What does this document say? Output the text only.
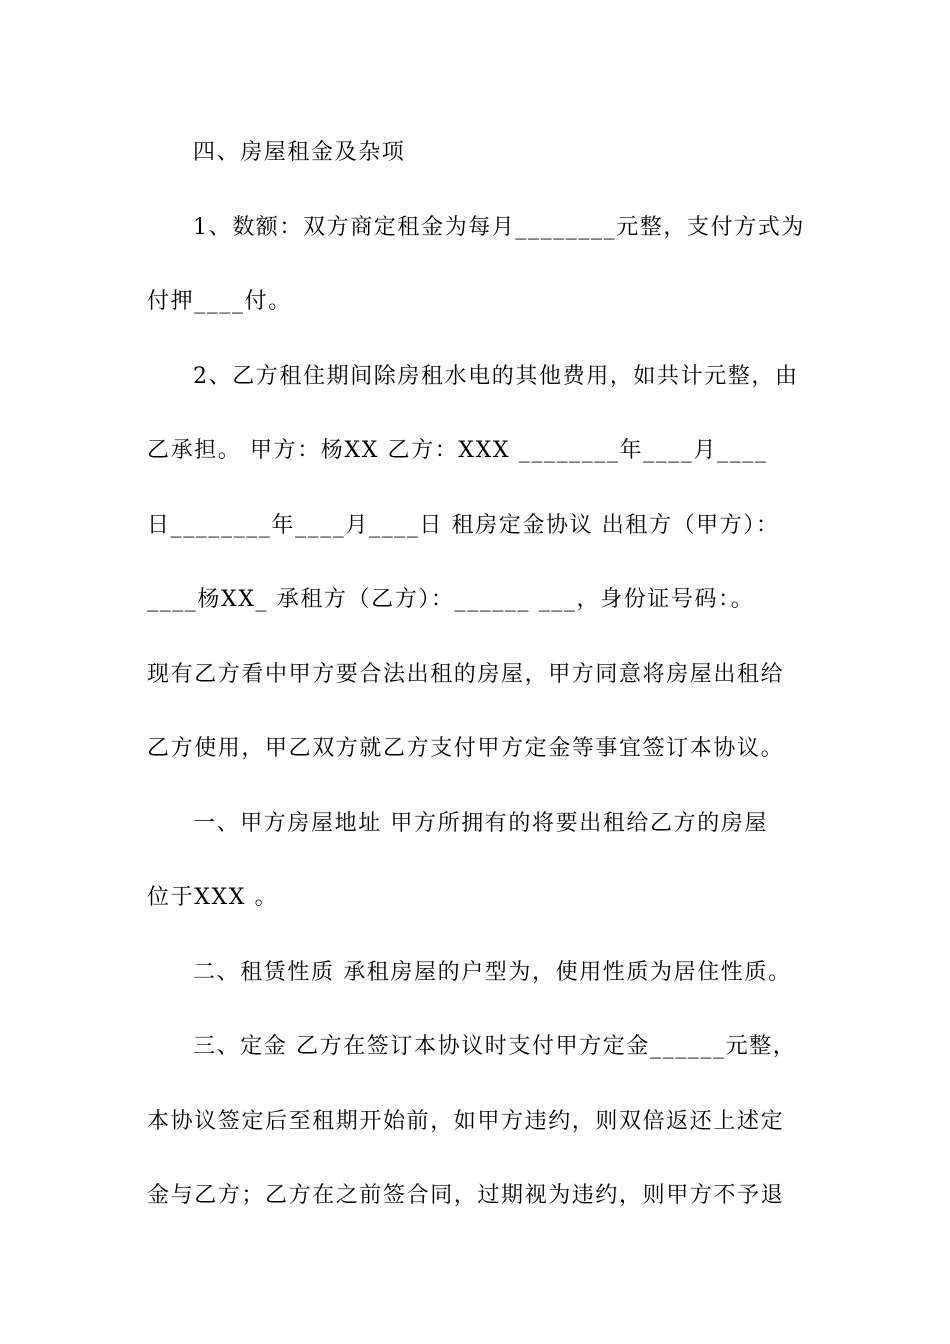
四、房屋租金及杂项
1、数额：双方商定租金为每月________元整，支付方式为
付押____付。
2、乙方租住期间除房租水电的其他费用，如共计元整，由
乙承担。 甲方：杨XX 乙方：XXX ________年____月____
日________年____月____日 租房定金协议 出租方（甲方）：
____杨XX_ 承租方（乙方）：______ ___，身份证号码：。
现有乙方看中甲方要合法出租的房屋，甲方同意将房屋出租给
乙方使用，甲乙双方就乙方支付甲方定金等事宜签订本协议。
一、甲方房屋地址 甲方所拥有的将要出租给乙方的房屋
位于XXX 。
二、租赁性质 承租房屋的户型为，使用性质为居住性质。
三、定金 乙方在签订本协议时支付甲方定金______元整，
本协议签定后至租期开始前，如甲方违约，则双倍返还上述定
金与乙方；乙方在之前签合同，过期视为违约，则甲方不予退
